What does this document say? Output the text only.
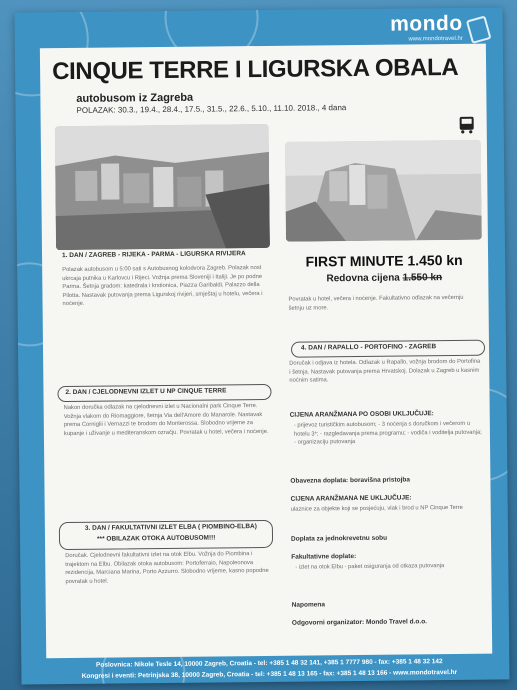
mondo
www.mondotravel.hr
CINQUE TERRE I LIGURSKA OBALA
autobusom iz Zagreba
POLAZAK: 30.3., 19.4., 28.4., 17.5., 31.5., 22.6., 5.10., 11.10. 2018., 4 dana
FIRST MINUTE 1.450 kn
Redovna cijena 1.550 kn
1. DAN / ZAGREB - RIJEKA - PARMA - LIGURSKA RIVIJERA
Polazak autobusom u 5:00 sati s Autobusnog kolodvora Zagreb. Polazak nost ukrcaja putnika u Karlovcu i Rijeci. Vožnja prema Sloveniji i Italiji. Je po podne Parma. Šetnja gradom: katedrala i krstionica, Piazza Garibaldi, Palazzo della Pilotta. Nastavak putovanja prema Ligurskoj rivijeri, smještaj u hotelu, večera i noćenje.
2. DAN / CJELODNEVNI IZLET U NP CINQUE TERRE
Nakon doručka odlazak na cjelodnevni izlet u Nacionalni park Cinque Terre. Vožnja vlakom do Riomaggiore, šetnja Via dell'Amore do Manarole. Nastavak prema Corniglii i Vernazzi te brodom do Monterossa. Slobodno vrijeme za kupanje i uživanje u mediteranskom ozračju. Povratak u hotel, večera i noćenje.
3. DAN / FAKULTATIVNI IZLET ELBA ( PIOMBINO-ELBA)
*** OBILAZAK OTOKA AUTOBUSOM!!!
Doručak. Cjelodnevni fakultativni izlet na otok Elbu. Vožnja do Piombina i trajektom na Elbu. Obilazak otoka autobusom: Portoferraio, Napoleonova rezidencija, Marciana Marina, Porto Azzurro. Slobodno vrijeme, kasno popodne povratak u hotel.
Povratak u hotel, večera i noćenje. Fakultativno odlazak na večernju šetnju uz more.
4. DAN / RAPALLO - PORTOFINO - ZAGREB
Doručak i odjava iz hotela. Odlazak u Rapallo, vožnja brodom do Portofina i šetnja. Nastavak putovanja prema Hrvatskoj. Dolazak u Zagreb u kasnim noćnim satima.
CIJENA ARANŽMANA PO OSOBI UKLJUČUJE:
- prijevoz turističkim autobusom; - 3 noćenja s doručkom i večerom u hotelu 3*; - razgledavanja prema programu; - vodiča i voditelja putovanja; - organizaciju putovanja
Obavezna doplata: boravišna pristojba
CIJENA ARANŽMANA NE UKLJUČUJE:
ulaznice za objekte koji se posjećuju, vlak i brod u NP Cinque Terre
Doplata za jednokrevetnu sobu
Fakultativne doplate:
- izlet na otok Elbu - paket osiguranja od otkaza putovanja
Napomena
Odgovorni organizator: Mondo Travel d.o.o.
Poslovnica: Nikole Tesle 14, 10000 Zagreb, Croatia - tel: +385 1 48 32 141, +385 1 7777 980 - fax: +385 1 48 32 142
Kongresi i eventi: Petrinjska 38, 10000 Zagreb, Croatia - tel: +385 1 48 13 165 - fax: +385 1 48 13 166 - www.mondotravel.hr
